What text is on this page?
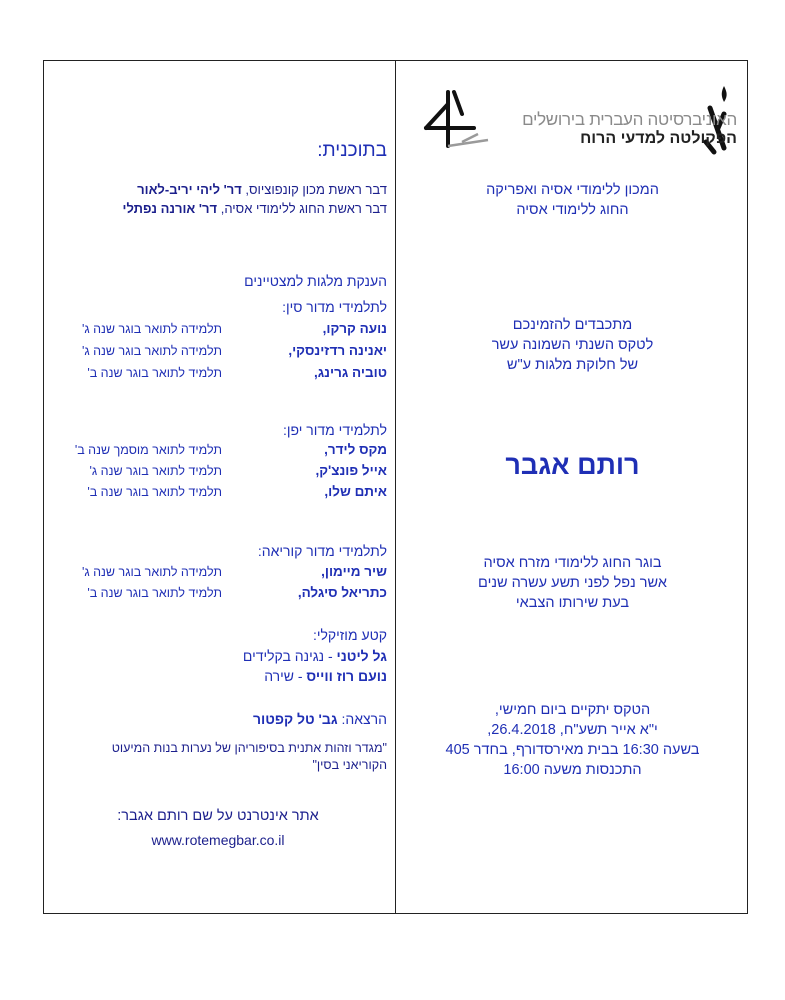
האוניברסיטה העברית בירושלים
הפקולטה למדעי הרוח
המכון ללימודי אסיה ואפריקה
החוג ללימודי אסיה
מתכבדים להזמינכם
לטקס השנתי השמונה עשר
של חלוקת מלגות ע"ש
רותם אגבר
בוגר החוג ללימודי מזרח אסיה
אשר נפל לפני תשע עשרה שנים
בעת שירותו הצבאי
הטקס יתקיים ביום חמישי,
י"א אייר תשע"ח, 26.4.2018,
בשעה 16:30 בבית מאירסדורף, בחדר 405
התכנסות משעה 16:00
בתוכנית:
דבר ראשת מכון קונפוציוס, דר' ליהי יריב-לאור
דבר ראשת החוג ללימודי אסיה, דר' אורנה נפתלי
הענקת מלגות למצטיינים
לתלמידי מדור סין:
נועה קרקו,
תלמידה לתואר בוגר שנה ג'
יאנינה רדזינסקי,
תלמידה לתואר בוגר שנה ג'
טוביה גרינג,
תלמיד לתואר בוגר שנה ב'
לתלמידי מדור יפן:
מקס לידר,
תלמיד לתואר מוסמך שנה ב'
אייל פונצ'ק,
תלמיד לתואר בוגר שנה ג'
איתם שלו,
תלמיד לתואר בוגר שנה ב'
לתלמידי מדור קוריאה:
שיר מיימון,
תלמידה לתואר בוגר שנה ג'
כתריאל סיגלה,
תלמיד לתואר בוגר שנה ב'
קטע מוזיקלי:
גל ליטני - נגינה בקלידים
נועם רוז ווייס - שירה
הרצאה: גב' טל קפטור
"מגדר וזהות אתנית בסיפוריהן של נערות בנות המיעוט
הקוריאני בסין"
אתר אינטרנט על שם רותם אגבר:
www.rotemegbar.co.il
